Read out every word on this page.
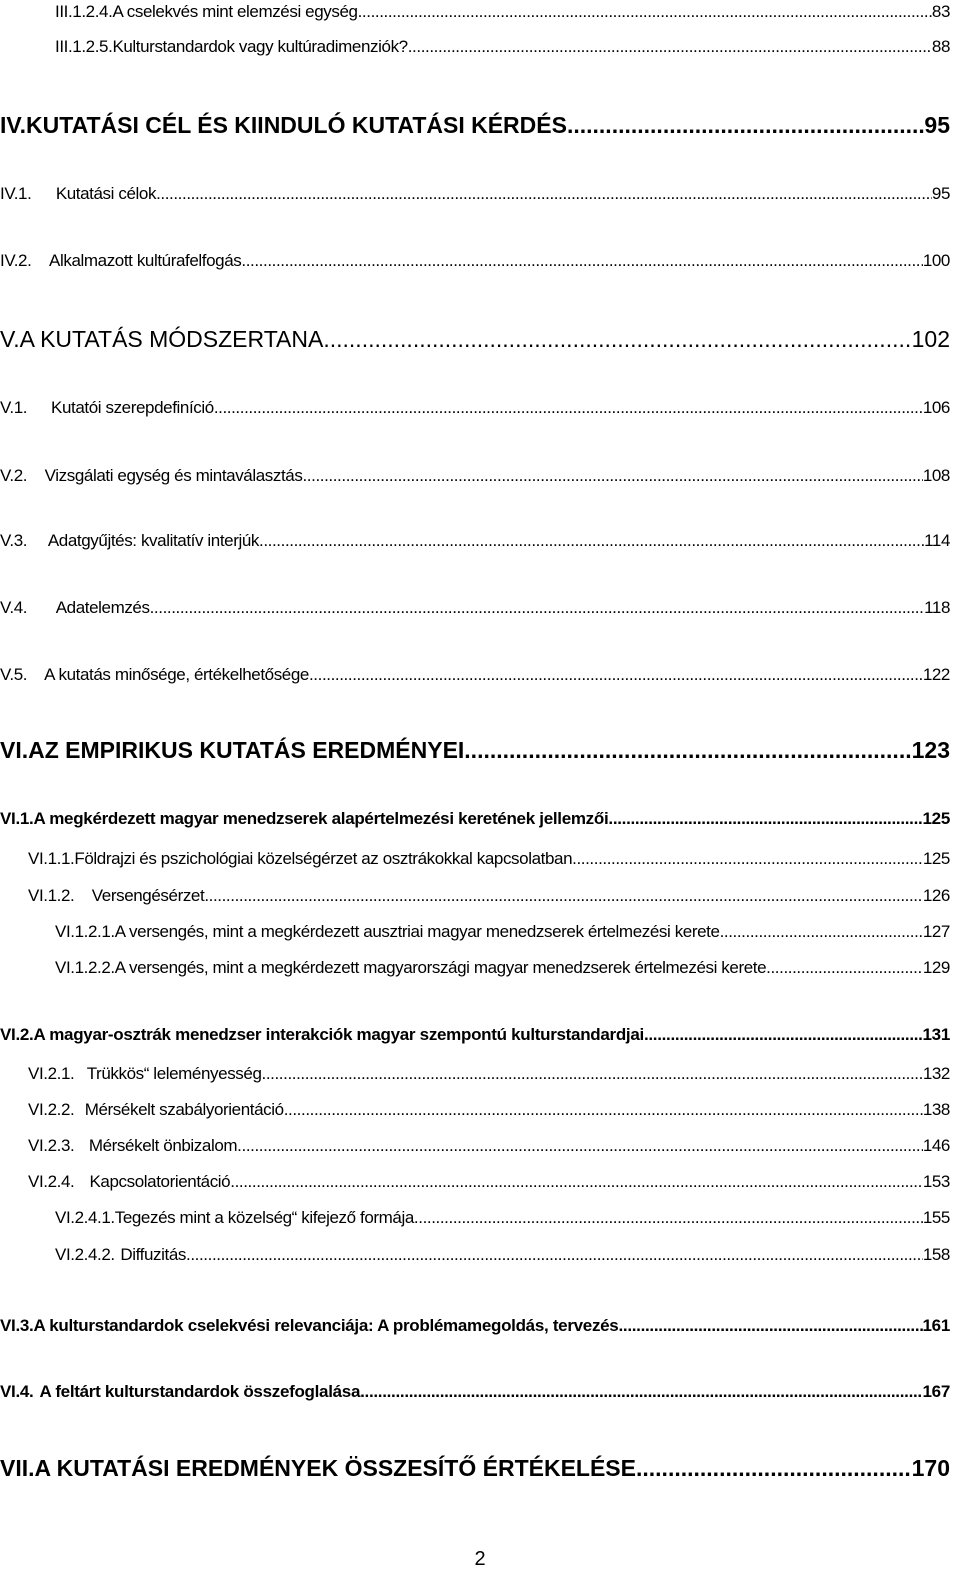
III.1.2.4. A cselekvés mint elemzési egység .....	83
III.1.2.5. Kulturstandardok vagy kultúradimenziók? .....	88
IV. KUTATÁSI CÉL ÉS KIINDULÓ KUTATÁSI KÉRDÉS .....	95
IV.1.	Kutatási célok .....	95
IV.2.	Alkalmazott kultúrafelfogás .....	100
V. A KUTATÁS MÓDSZERTANA .....	102
V.1.	Kutatói szerepdefiníció .....	106
V.2.	Vizsgálati egység és mintaválasztás .....	108
V.3.	Adatgyűjtés: kvalitatív interjúk .....	114
V.4.	Adatelemzés .....	118
V.5.	A kutatás minősége, értékelhetősége .....	122
VI. AZ EMPIRIKUS KUTATÁS EREDMÉNYEI .....	123
VI.1. A megkérdezett magyar menedzserek alapértelmezési keretének jellemzői .....	125
VI.1.1. Földrajzi és pszichológiai közelségérzet az osztrákokkal kapcsolatban .....	125
VI.1.2.	Versengésérzet .....	126
VI.1.2.1. A versengés, mint a megkérdezett ausztriai magyar menedzserek értelmezési kerete .....	127
VI.1.2.2. A versengés, mint a megkérdezett magyarországi magyar menedzserek értelmezési kerete .....	129
VI.2. A magyar-osztrák menedzser interakciók magyar szempontú kulturstandardjai .....	131
VI.2.1. Trükkös“ leleményesség .....	132
VI.2.2. Mérsékelt szabályorientáció .....	138
VI.2.3. Mérsékelt önbizalom .....	146
VI.2.4. Kapcsolatorientáció .....	153
VI.2.4.1. Tegezés mint a közelség“ kifejező formája .....	155
VI.2.4.2. Diffuzitás .....	158
VI.3. A kulturstandardok cselekvési relevanciája: A problémamegoldás, tervezés .....	161
VI.4. A feltárt kulturstandardok összefoglalása .....	167
VII. A KUTATÁSI EREDMÉNYEK ÖSSZESÍTŐ ÉRTÉKELÉSE .....	170
2
